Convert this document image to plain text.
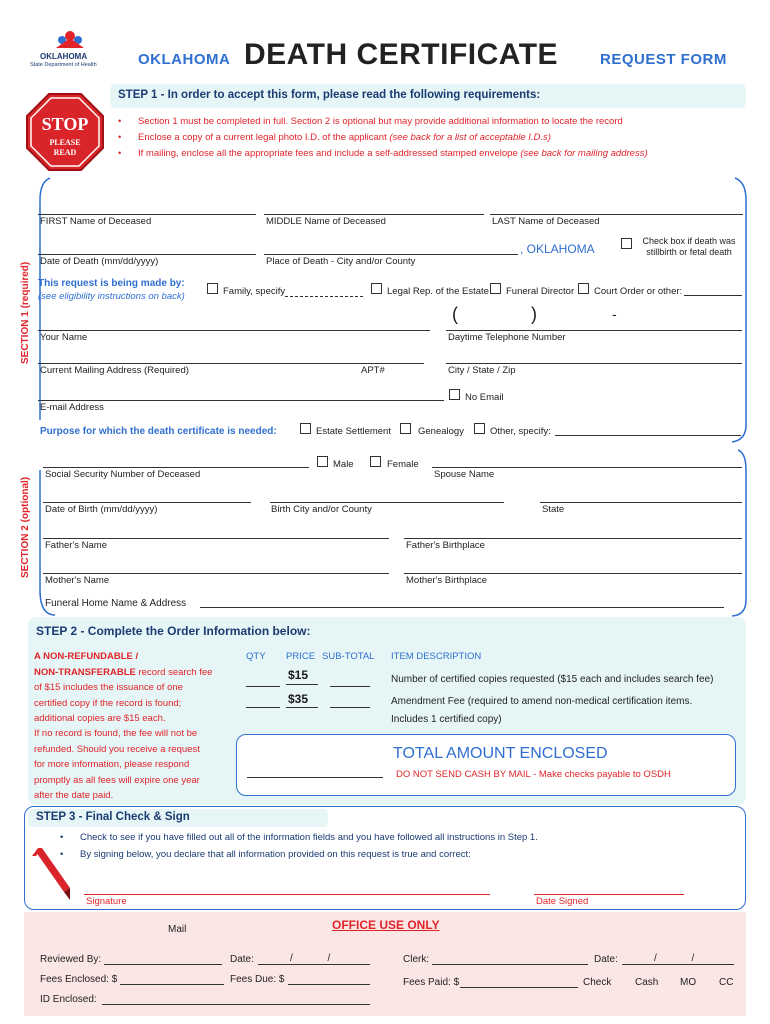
OKLAHOMA
State Department of Health	OKLAHOMA DEATH CERTIFICATE	REQUEST FORM
STOP
PLEASE
READ
STEP 1 - In order to accept this form, please read the following requirements:
• Section 1 must be completed in full. Section 2 is optional but may provide additional information to locate the record
• Enclose a copy of a current legal photo I.D. of the applicant (see back for a list of acceptable I.D.s)
• If mailing, enclose all the appropriate fees and include a self-addressed stamped envelope (see back for mailing address)
SECTION 1 (required)
SECTION 2 (optional)
FIRST Name of Deceased	MIDDLE Name of Deceased	LAST Name of Deceased
Date of Death (mm/dd/yyyy)	Place of Death - City and/or County
, OKLAHOMA
Check box if death was stillbirth or fetal death
This request is being made by:
(see eligibility instructions on back)	Family, specify	Legal Rep. of the Estate Funeral Director Court Order or other:
(	)	-
Your Name	Daytime Telephone Number
Current Mailing Address (Required)	APT#	City / State / Zip
No Email
E-mail Address
Purpose for which the death certificate is needed:	Estate Settlement	Genealogy	Other, specify:
Male	Female
Social Security Number of Deceased	Spouse Name
Date of Birth (mm/dd/yyyy)	Birth City and/or County	State
Father's Name	Father's Birthplace
Mother's Name	Mother's Birthplace
Funeral Home Name & Address
STEP 2 - Complete the Order Information below:
A NON-REFUNDABLE /
NON-TRANSFERABLE record search fee
of $15 includes the issuance of one
certified copy if the record is found;
additional copies are $15 each.
If no record is found, the fee will not be
refunded. Should you receive a request
for more information, please respond
promptly as all fees will expire one year
after the date paid.
QTY PRICE SUB-TOTAL ITEM DESCRIPTION
$15	Number of certified copies requested ($15 each and includes search fee)
$35	Amendment Fee (required to amend non-medical certification items.
Includes 1 certified copy)
TOTAL AMOUNT ENCLOSED
DO NOT SEND CASH BY MAIL - Make checks payable to OSDH
STEP 3 - Final Check & Sign
• Check to see if you have filled out all of the information fields and you have followed all instructions in Step 1.
• By signing below, you declare that all information provided on this request is true and correct:
Signature	Date Signed
Mail	OFFICE USE ONLY
Reviewed By:	Date:	/ /	Clerk:	Date:	/ /
Fees Enclosed: $	Fees Due: $	Fees Paid: $	Check Cash MO CC
ID Enclosed:
